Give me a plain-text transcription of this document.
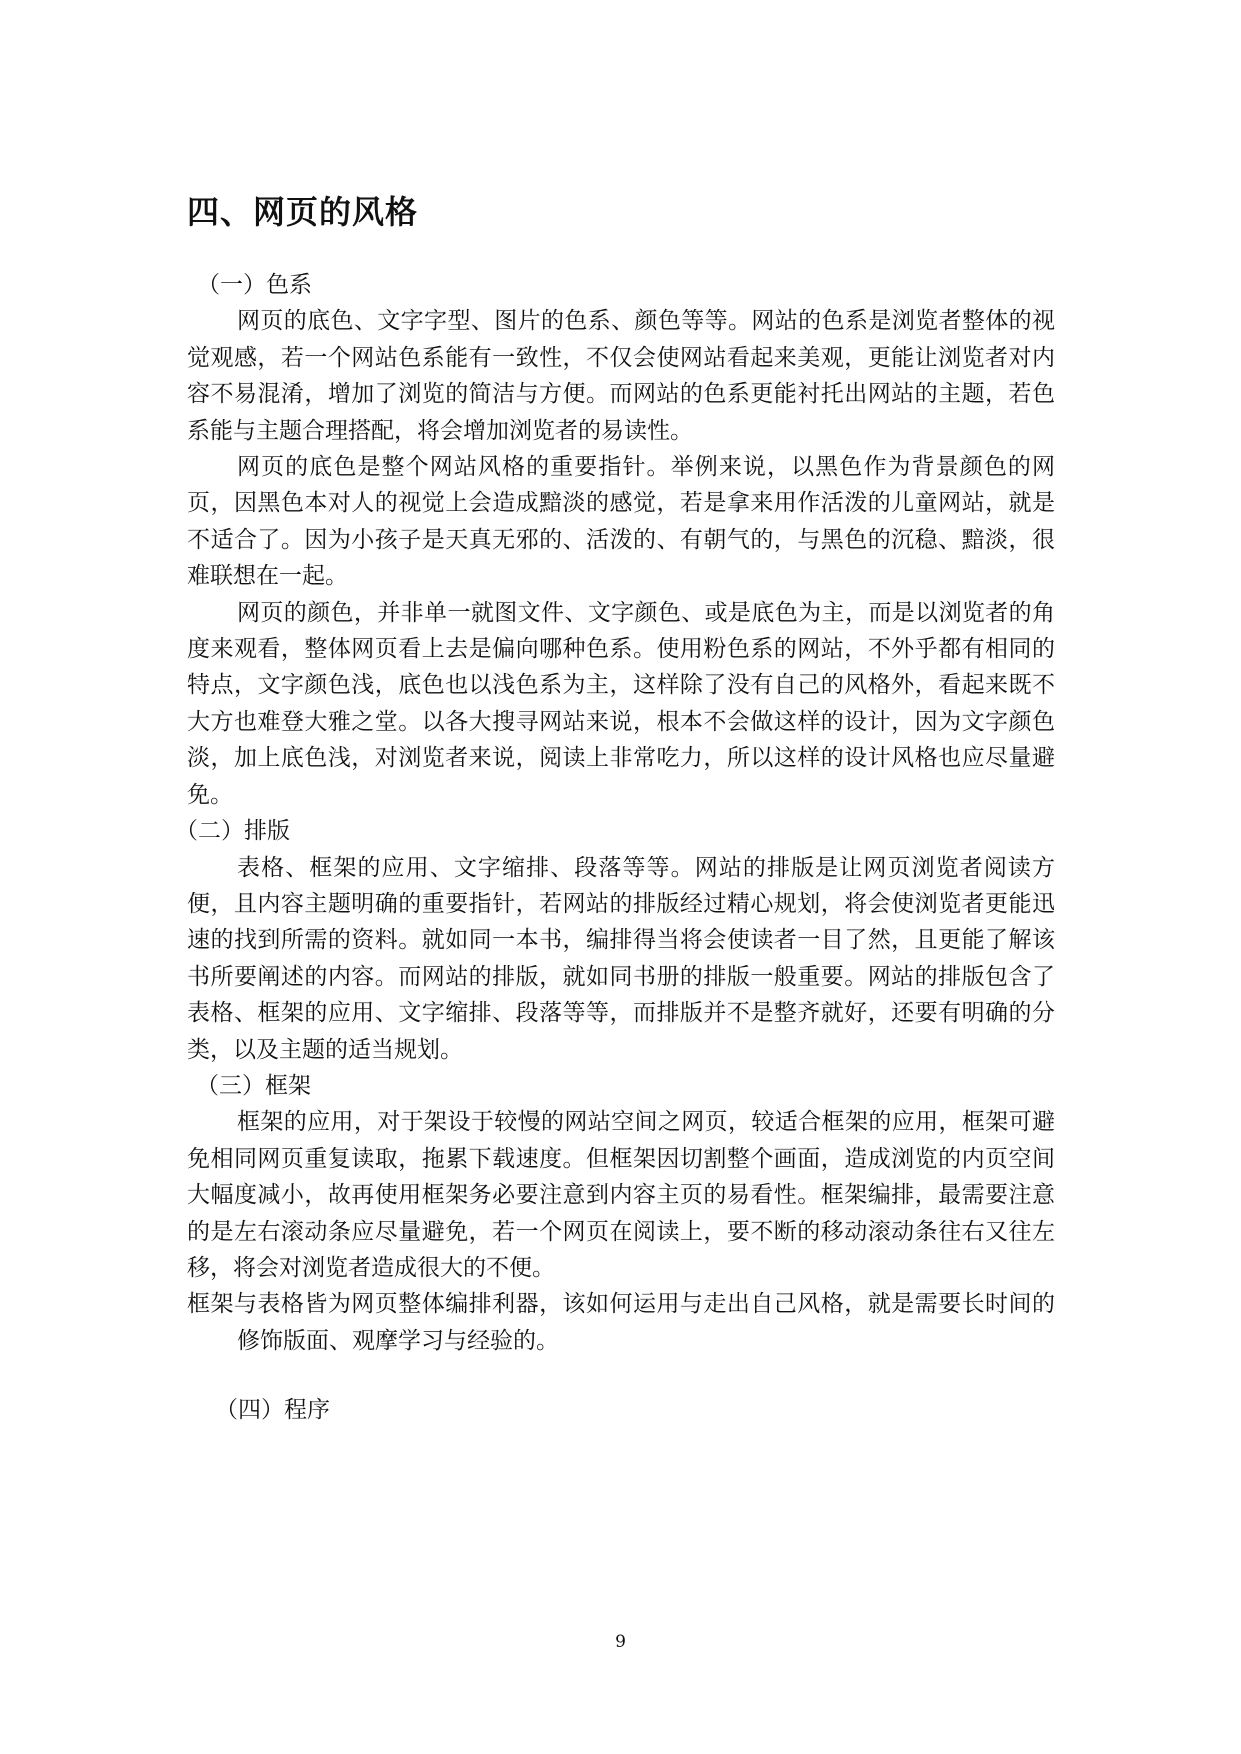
四、网页的风格
（一）色系

网页的底色、文字字型、图片的色系、颜色等等。网站的色系是浏览者整体的视觉观感，若一个网站色系能有一致性，不仅会使网站看起来美观，更能让浏览者对内容不易混淆，增加了浏览的简洁与方便。而网站的色系更能衬托出网站的主题，若色系能与主题合理搭配，将会增加浏览者的易读性。

网页的底色是整个网站风格的重要指针。举例来说，以黑色作为背景颜色的网页，因黑色本对人的视觉上会造成黯淡的感觉，若是拿来用作活泼的儿童网站，就是不适合了。因为小孩子是天真无邪的、活泼的、有朝气的，与黑色的沉稳、黯淡，很难联想在一起。

网页的颜色，并非单一就图文件、文字颜色、或是底色为主，而是以浏览者的角度来观看，整体网页看上去是偏向哪种色系。使用粉色系的网站，不外乎都有相同的特点，文字颜色浅，底色也以浅色系为主，这样除了没有自己的风格外，看起来既不大方也难登大雅之堂。以各大搜寻网站来说，根本不会做这样的设计，因为文字颜色淡，加上底色浅，对浏览者来说，阅读上非常吃力，所以这样的设计风格也应尽量避免。

（二）排版

表格、框架的应用、文字缩排、段落等等。网站的排版是让网页浏览者阅读方便，且内容主题明确的重要指针，若网站的排版经过精心规划，将会使浏览者更能迅速的找到所需的资料。就如同一本书，编排得当将会使读者一目了然，且更能了解该书所要阐述的内容。而网站的排版，就如同书册的排版一般重要。网站的排版包含了表格、框架的应用、文字缩排、段落等等，而排版并不是整齐就好，还要有明确的分类，以及主题的适当规划。

（三）框架

框架的应用，对于架设于较慢的网站空间之网页，较适合框架的应用，框架可避免相同网页重复读取，拖累下载速度。但框架因切割整个画面，造成浏览的内页空间大幅度减小，故再使用框架务必要注意到内容主页的易看性。框架编排，最需要注意的是左右滚动条应尽量避免，若一个网页在阅读上，要不断的移动滚动条往右又往左移，将会对浏览者造成很大的不便。

框架与表格皆为网页整体编排利器，该如何运用与走出自己风格，就是需要长时间的修饰版面、观摩学习与经验的。

（四）程序
9
